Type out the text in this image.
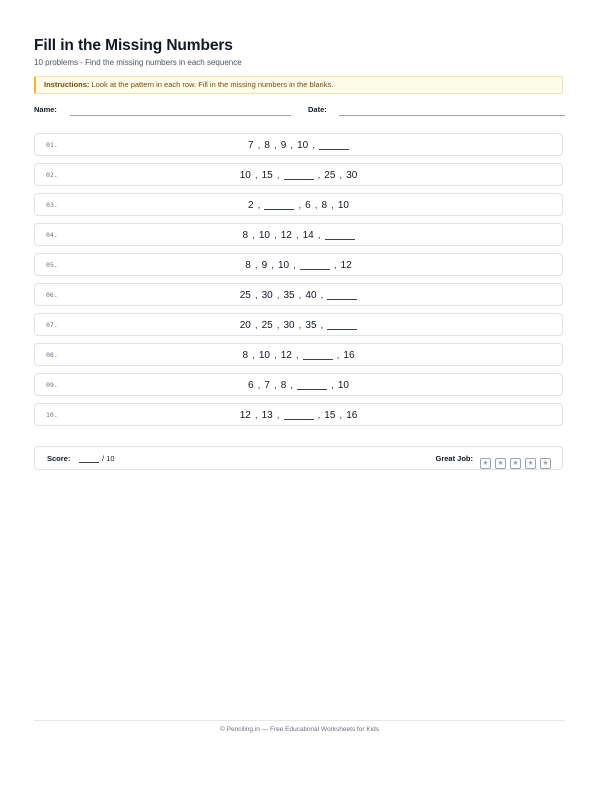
Fill in the Missing Numbers
10 problems - Find the missing numbers in each sequence
Instructions: Look at the pattern in each row. Fill in the missing numbers in the blanks.
Name:	Date:
01.	7 , 8 , 9 , 10 ,
02.	10 , 15 ,	, 25 , 30
03.	2 ,	, 6 , 8 , 10
04.	8 , 10 , 12 , 14 ,
05.	8 , 9 , 10 ,	, 12
06.	25 , 30 , 35 , 40 ,
07.	20 , 25 , 30 , 35 ,
08.	8 , 10 , 12 ,	, 16
09.	6 , 7 , 8 ,	, 10
10.	12 , 13 ,	, 15 , 16
Score:	/ 10	Great Job:	★ ★ ★ ★ ★
© Penciling.in — Free Educational Worksheets for Kids
